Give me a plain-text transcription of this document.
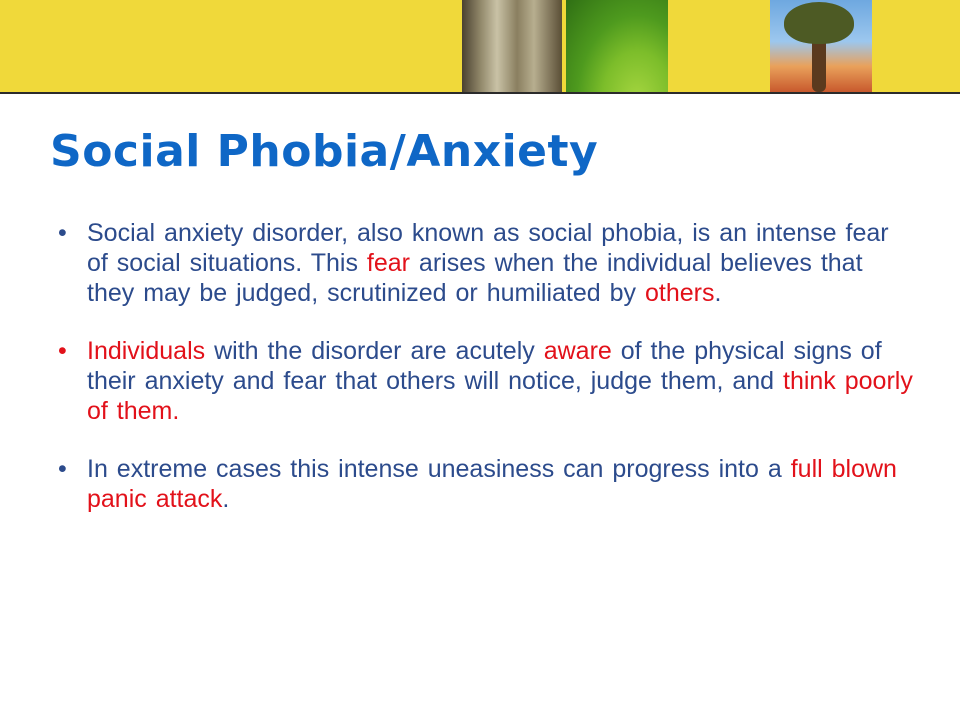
Social Phobia/Anxiety
• Social anxiety disorder, also known as social phobia, is an intense fear of social situations. This fear arises when the individual believes that they may be judged, scrutinized or humiliated by others.
• Individuals with the disorder are acutely aware of the physical signs of their anxiety and fear that others will notice, judge them, and think poorly of them.
• In extreme cases this intense uneasiness can progress into a full blown panic attack.
